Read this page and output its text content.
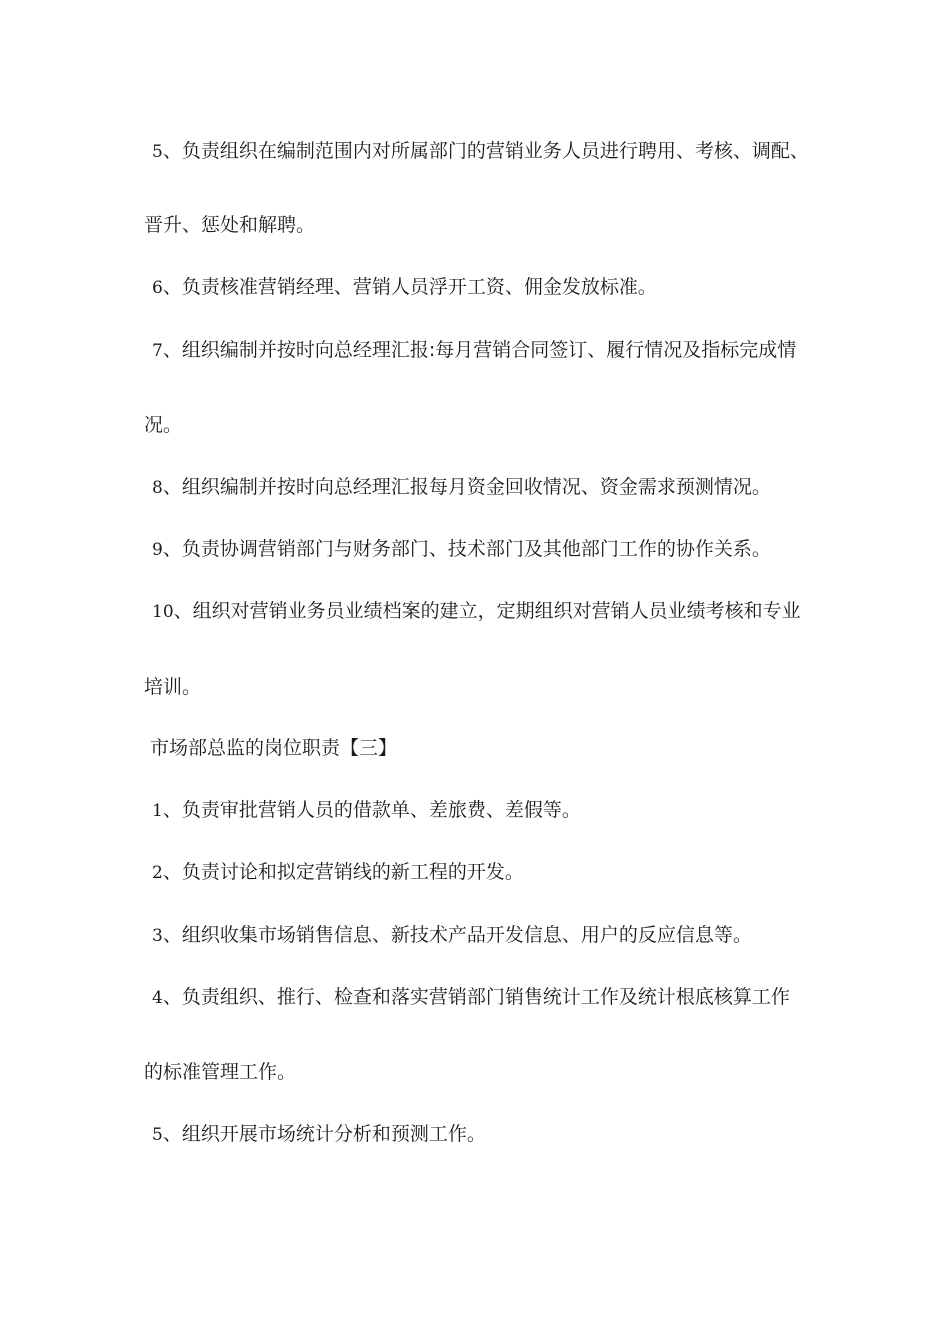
5、负责组织在编制范围内对所属部门的营销业务人员进行聘用、考核、调配、
晋升、惩处和解聘。
6、负责核准营销经理、营销人员浮开工资、佣金发放标准。
7、组织编制并按时向总经理汇报:每月营销合同签订、履行情况及指标完成情
况。
8、组织编制并按时向总经理汇报每月资金回收情况、资金需求预测情况。
9、负责协调营销部门与财务部门、技术部门及其他部门工作的协作关系。
10、组织对营销业务员业绩档案的建立，定期组织对营销人员业绩考核和专业
培训。
市场部总监的岗位职责【三】
1、负责审批营销人员的借款单、差旅费、差假等。
2、负责讨论和拟定营销线的新工程的开发。
3、组织收集市场销售信息、新技术产品开发信息、用户的反应信息等。
4、负责组织、推行、检查和落实营销部门销售统计工作及统计根底核算工作
的标准管理工作。
5、组织开展市场统计分析和预测工作。
